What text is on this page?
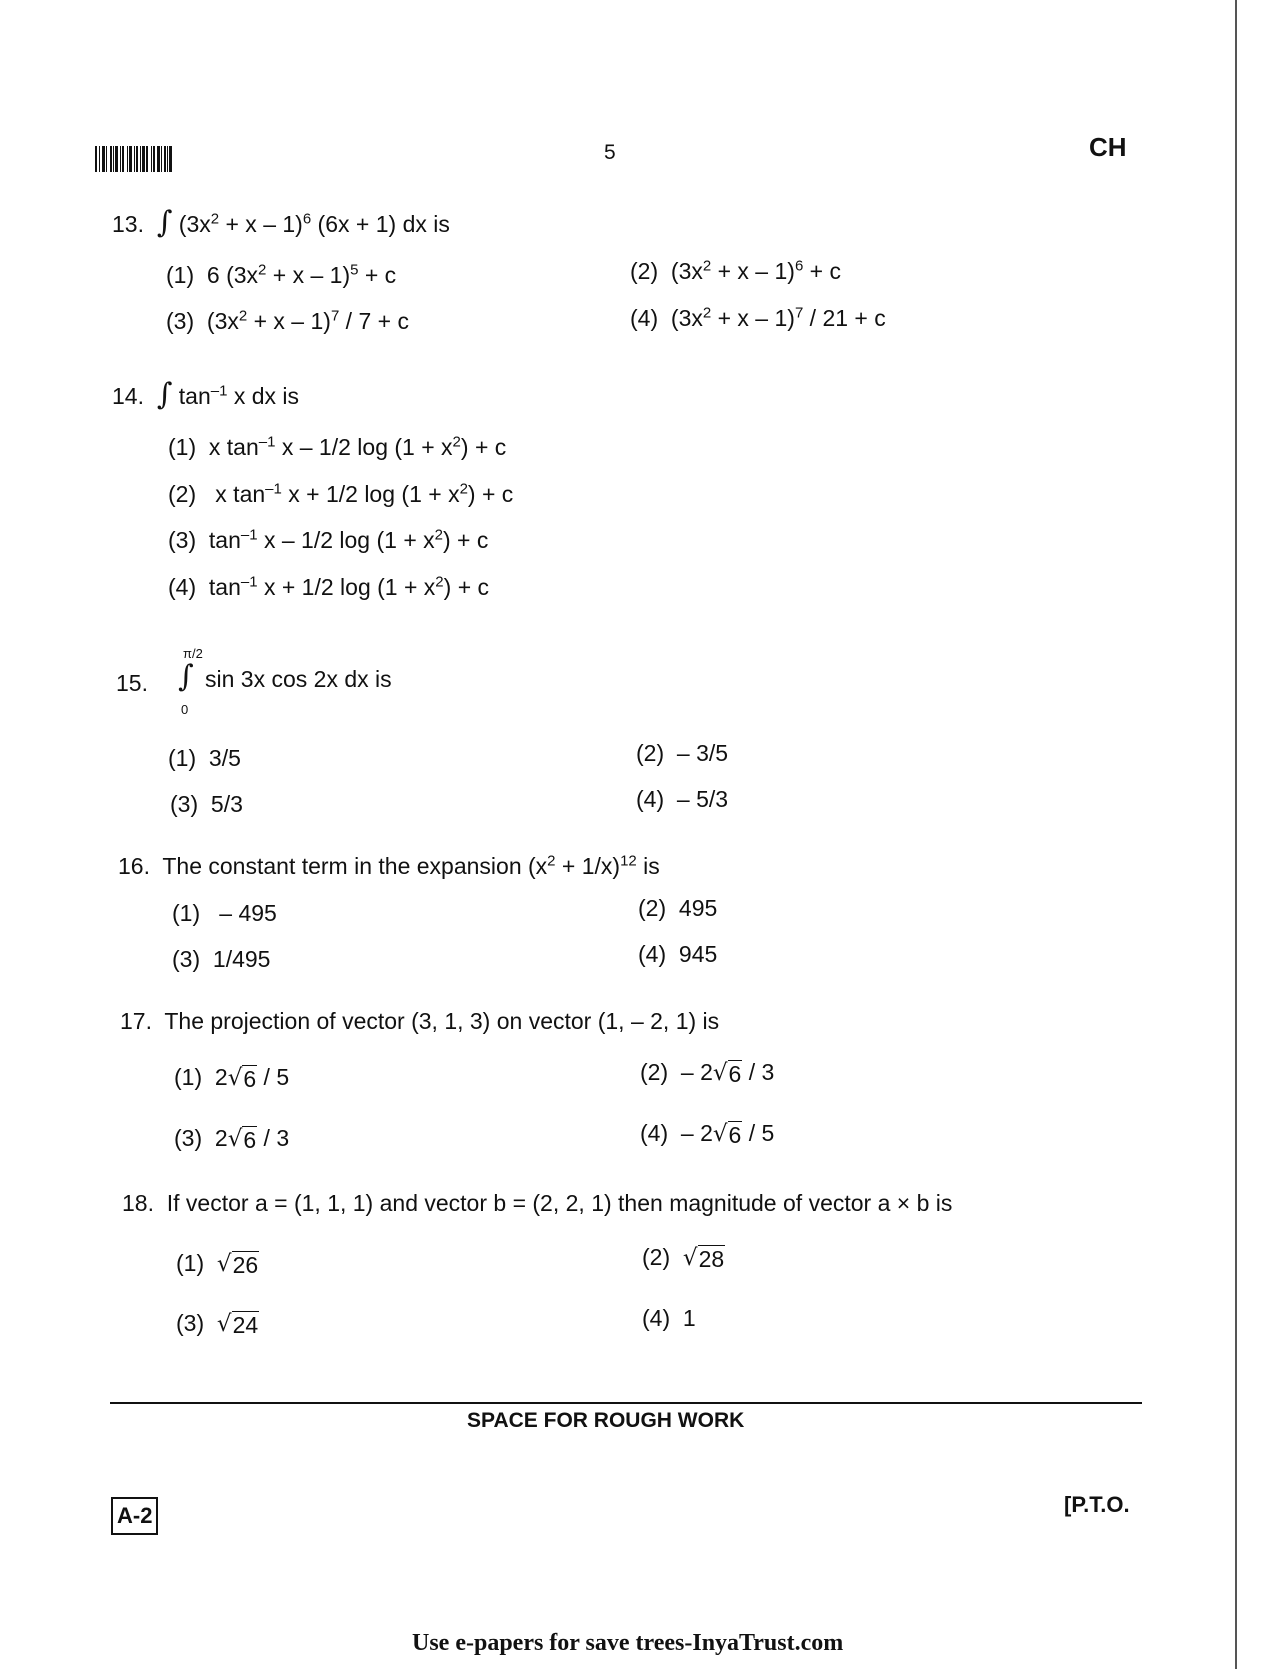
5	CH
13. ∫ $(3x^2 + x - 1)^6$ (6x + 1) dx is
(1) 6 $(3x^2 + x - 1)^5 + c$	(2) $(3x^2 + x - 1)^6 + c$
(3) $(3x^2 + x - 1)^7 / 7 + c$	(4) $(3x^2 + x - 1)^7 / 21 + c$
14. ∫ $\tan^{-1} x$ dx is
(1) x $\tan^{-1} x - 1/2$ $\log (1 + x^2) + c$
(2) x $\tan^{-1} x + 1/2$ $\log (1 + x^2) + c$
(3) $\tan^{-1} x - 1/2$ $\log (1 + x^2) + c$
(4) $\tan^{-1} x + 1/2$ $\log (1 + x^2) + c$
15.
π/2
∫
0
sin 3x cos 2x dx is
(1) 3/5	(2) – 3/5
(3) 5/3	(4) – 5/3
16. The constant term in the expansion $(x^2 + 1/x)^{12}$ is
(1) – 495	(2) 495
(3) 1/495	(4) 945
17. The projection of vector (3, 1, 3) on vector (1, – 2, 1) is
(1) 2 √ 6 / 5	(2) – 2 √ 6 / 3
(3) 2 √ 6 / 3	(4) – 2 √ 6 / 5
18. If vector a = (1, 1, 1) and vector b = (2, 2, 1) then magnitude of vector a × b is
(1) √ 26	(2) √ 28
(3) √ 24	(4) 1
SPACE FOR ROUGH WORK
A-2	[P.T.O.
Use e-papers for save trees-InyaTrust.com
